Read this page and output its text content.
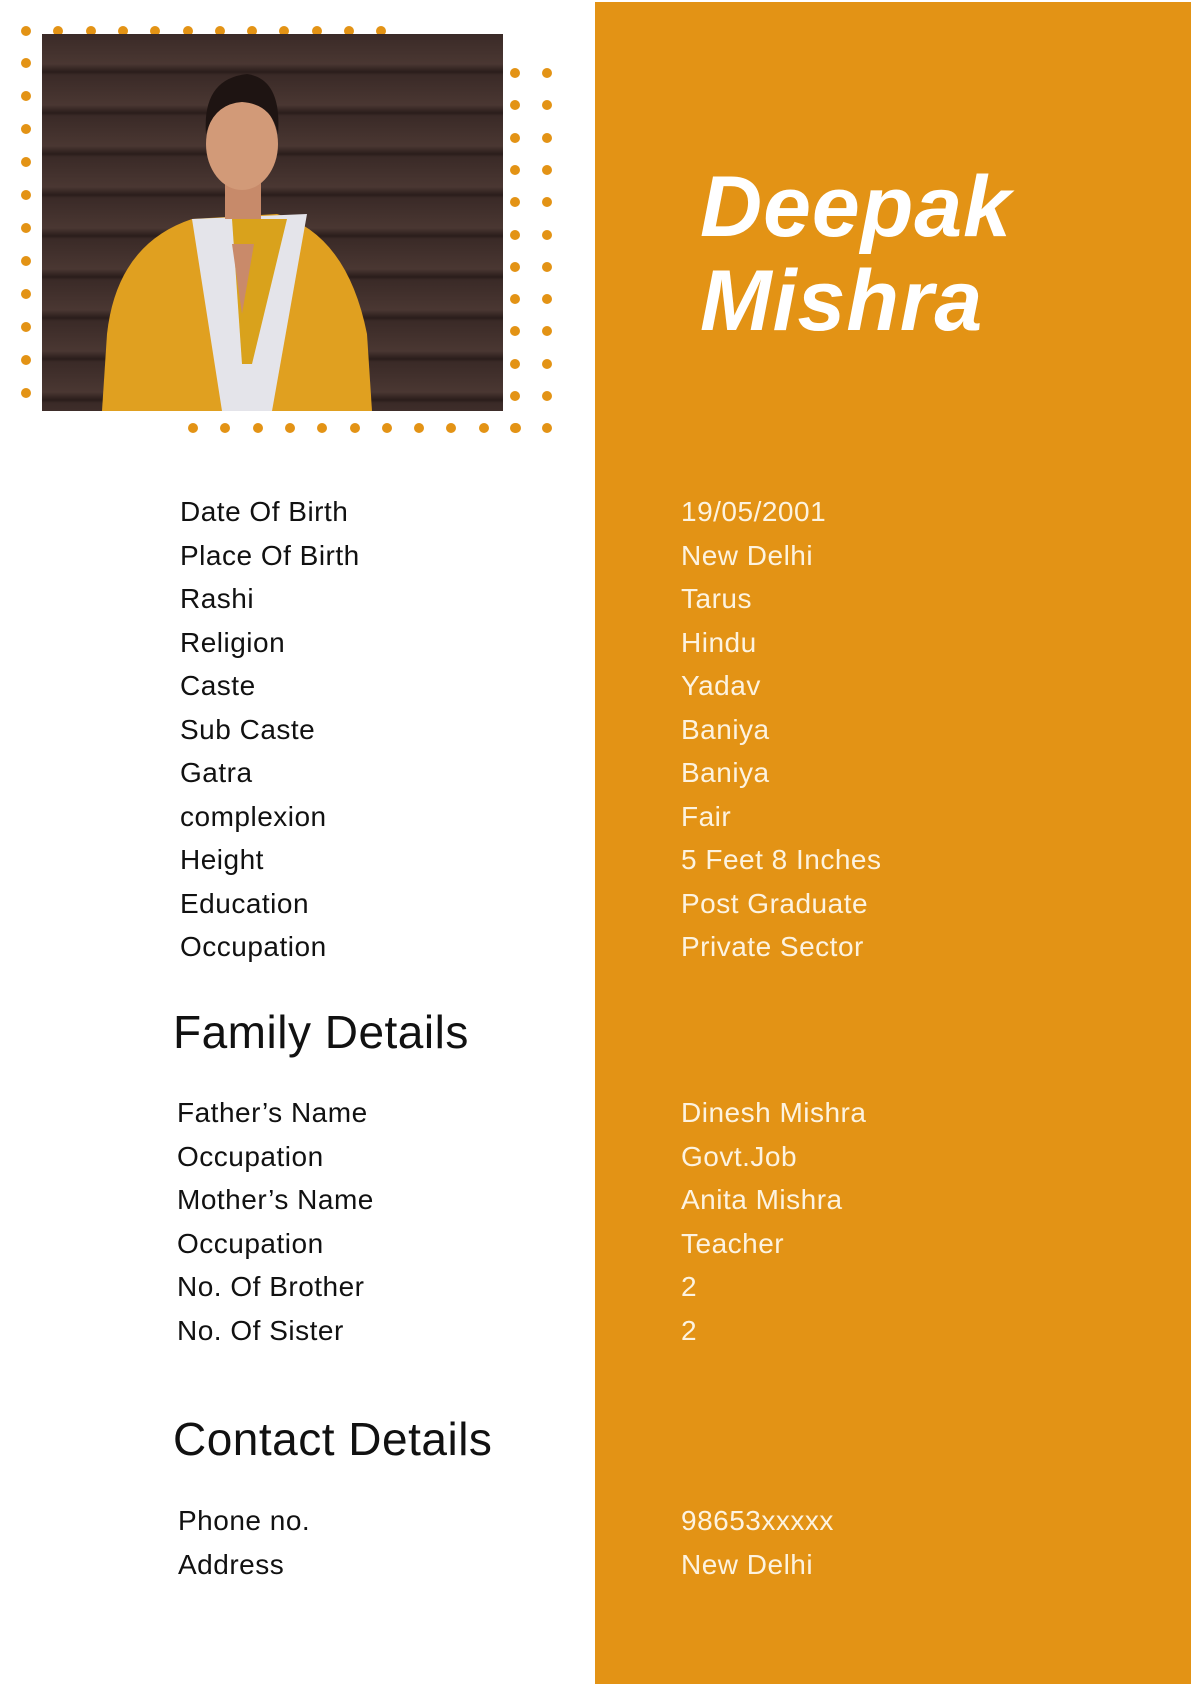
Deepak
Mishra
Date Of Birth	19/05/2001
Place Of Birth	New Delhi
Rashi	Tarus
Religion	Hindu
Caste	Yadav
Sub Caste	Baniya
Gatra	Baniya
complexion	Fair
Height	5 Feet 8 Inches
Education	Post Graduate
Occupation	Private Sector
Family Details
Father’s Name	Dinesh Mishra
Occupation	Govt.Job
Mother’s Name	Anita Mishra
Occupation	Teacher
No. Of Brother	2
No. Of Sister	2
Contact Details
Phone no.	98653xxxxx
Address	New Delhi
